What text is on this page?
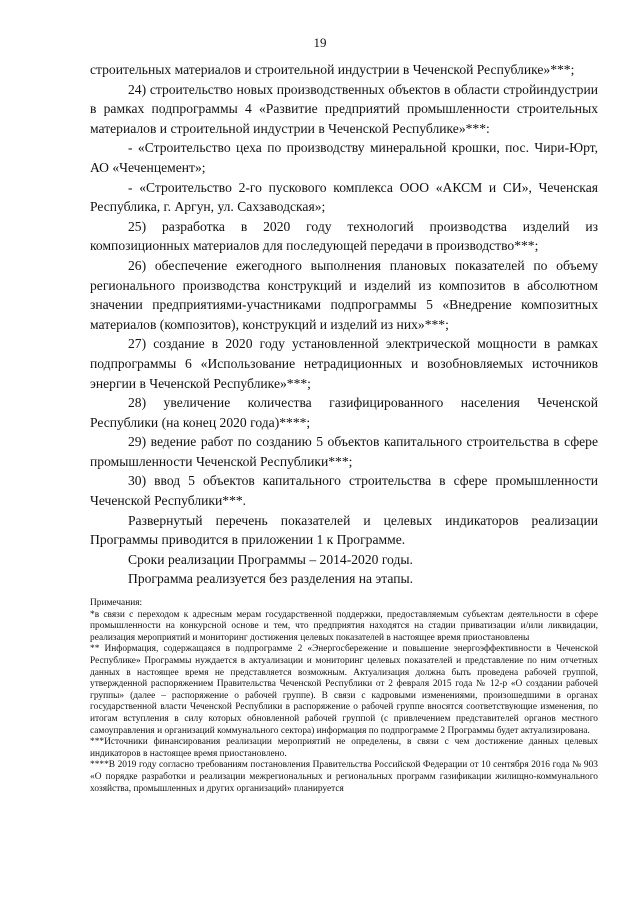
19

строительных материалов и строительной индустрии в Чеченской Республике»***;

24) строительство новых производственных объектов в области стройиндустрии в рамках подпрограммы 4 «Развитие предприятий промышленности строительных материалов и строительной индустрии в Чеченской Республике»***:

- «Строительство цеха по производству минеральной крошки, пос. Чири-Юрт, АО «Чеченцемент»;

- «Строительство 2-го пускового комплекса ООО «АКСМ и СИ», Чеченская Республика, г. Аргун, ул. Сахзаводская»;

25) разработка в 2020 году технологий производства изделий из композиционных материалов для последующей передачи в производство***;

26) обеспечение ежегодного выполнения плановых показателей по объему регионального производства конструкций и изделий из композитов в абсолютном значении предприятиями-участниками подпрограммы 5 «Внедрение композитных материалов (композитов), конструкций и изделий из них»***;

27) создание в 2020 году установленной электрической мощности в рамках подпрограммы 6 «Использование нетрадиционных и возобновляемых источников энергии в Чеченской Республике»***;

28) увеличение количества газифицированного населения Чеченской Республики (на конец 2020 года)****;

29) ведение работ по созданию 5 объектов капитального строительства в сфере промышленности Чеченской Республики***;

30) ввод 5 объектов капитального строительства в сфере промышленности Чеченской Республики***.

Развернутый перечень показателей и целевых индикаторов реализации Программы приводится в приложении 1 к Программе.

Сроки реализации Программы – 2014-2020 годы.

Программа реализуется без разделения на этапы.

Примечания:

*в связи с переходом к адресным мерам государственной поддержки, предоставляемым субъектам деятельности в сфере промышленности на конкурсной основе и тем, что предприятия находятся на стадии приватизации и/или ликвидации, реализация мероприятий и мониторинг достижения целевых показателей в настоящее время приостановлены

** Информация, содержащаяся в подпрограмме 2 «Энергосбережение и повышение энергоэффективности в Чеченской Республике» Программы нуждается в актуализации и мониторинг целевых показателей и представление по ним отчетных данных в настоящее время не представляется возможным. Актуализация должна быть проведена рабочей группой, утвержденной распоряжением Правительства Чеченской Республики от 2 февраля 2015 года № 12-р «О создании рабочей группы» (далее – распоряжение о рабочей группе). В связи с кадровыми изменениями, произошедшими в органах государственной власти Чеченской Республики в распоряжение о рабочей группе вносятся соответствующие изменения, по итогам вступления в силу которых обновленной рабочей группой (с привлечением представителей органов местного самоуправления и организаций коммунального сектора) информация по подпрограмме 2 Программы будет актуализирована.

***Источники финансирования реализации мероприятий не определены, в связи с чем достижение данных целевых индикаторов в настоящее время приостановлено.

****В 2019 году согласно требованиям постановления Правительства Российской Федерации от 10 сентября 2016 года № 903 «О порядке разработки и реализации межрегиональных и региональных программ газификации жилищно-коммунального хозяйства, промышленных и других организаций» планируется
